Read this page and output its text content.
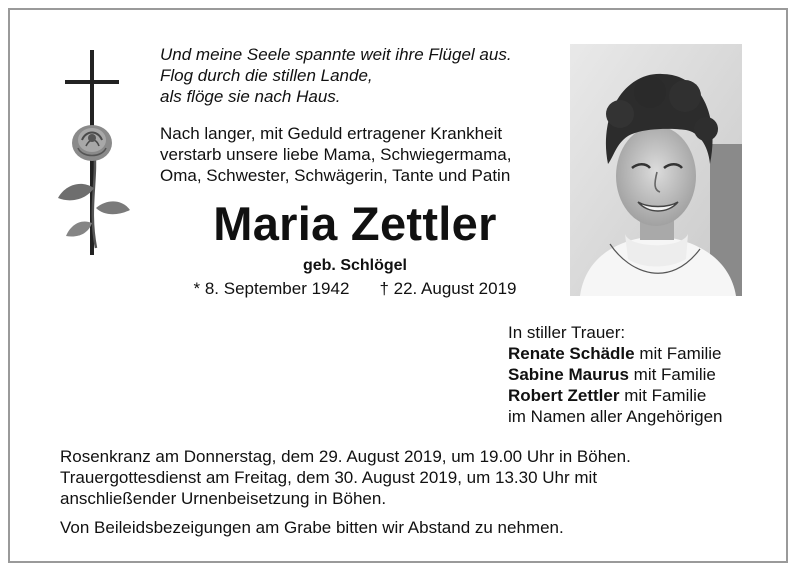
Und meine Seele spannte weit ihre Flügel aus.
Flog durch die stillen Lande,
als flöge sie nach Haus.

Nach langer, mit Geduld ertragener Krankheit
verstarb unsere liebe Mama, Schwiegermama,
Oma, Schwester, Schwägerin, Tante und Patin

Maria Zettler
geb. Schlögel
* 8. September 1942 † 22. August 2019

In stiller Trauer:
Renate Schädle mit Familie
Sabine Maurus mit Familie
Robert Zettler mit Familie
im Namen aller Angehörigen

Rosenkranz am Donnerstag, dem 29. August 2019, um 19.00 Uhr in Böhen.
Trauergottesdienst am Freitag, dem 30. August 2019, um 13.30 Uhr mit
anschließender Urnenbeisetzung in Böhen.

Von Beileidsbezeigungen am Grabe bitten wir Abstand zu nehmen.
